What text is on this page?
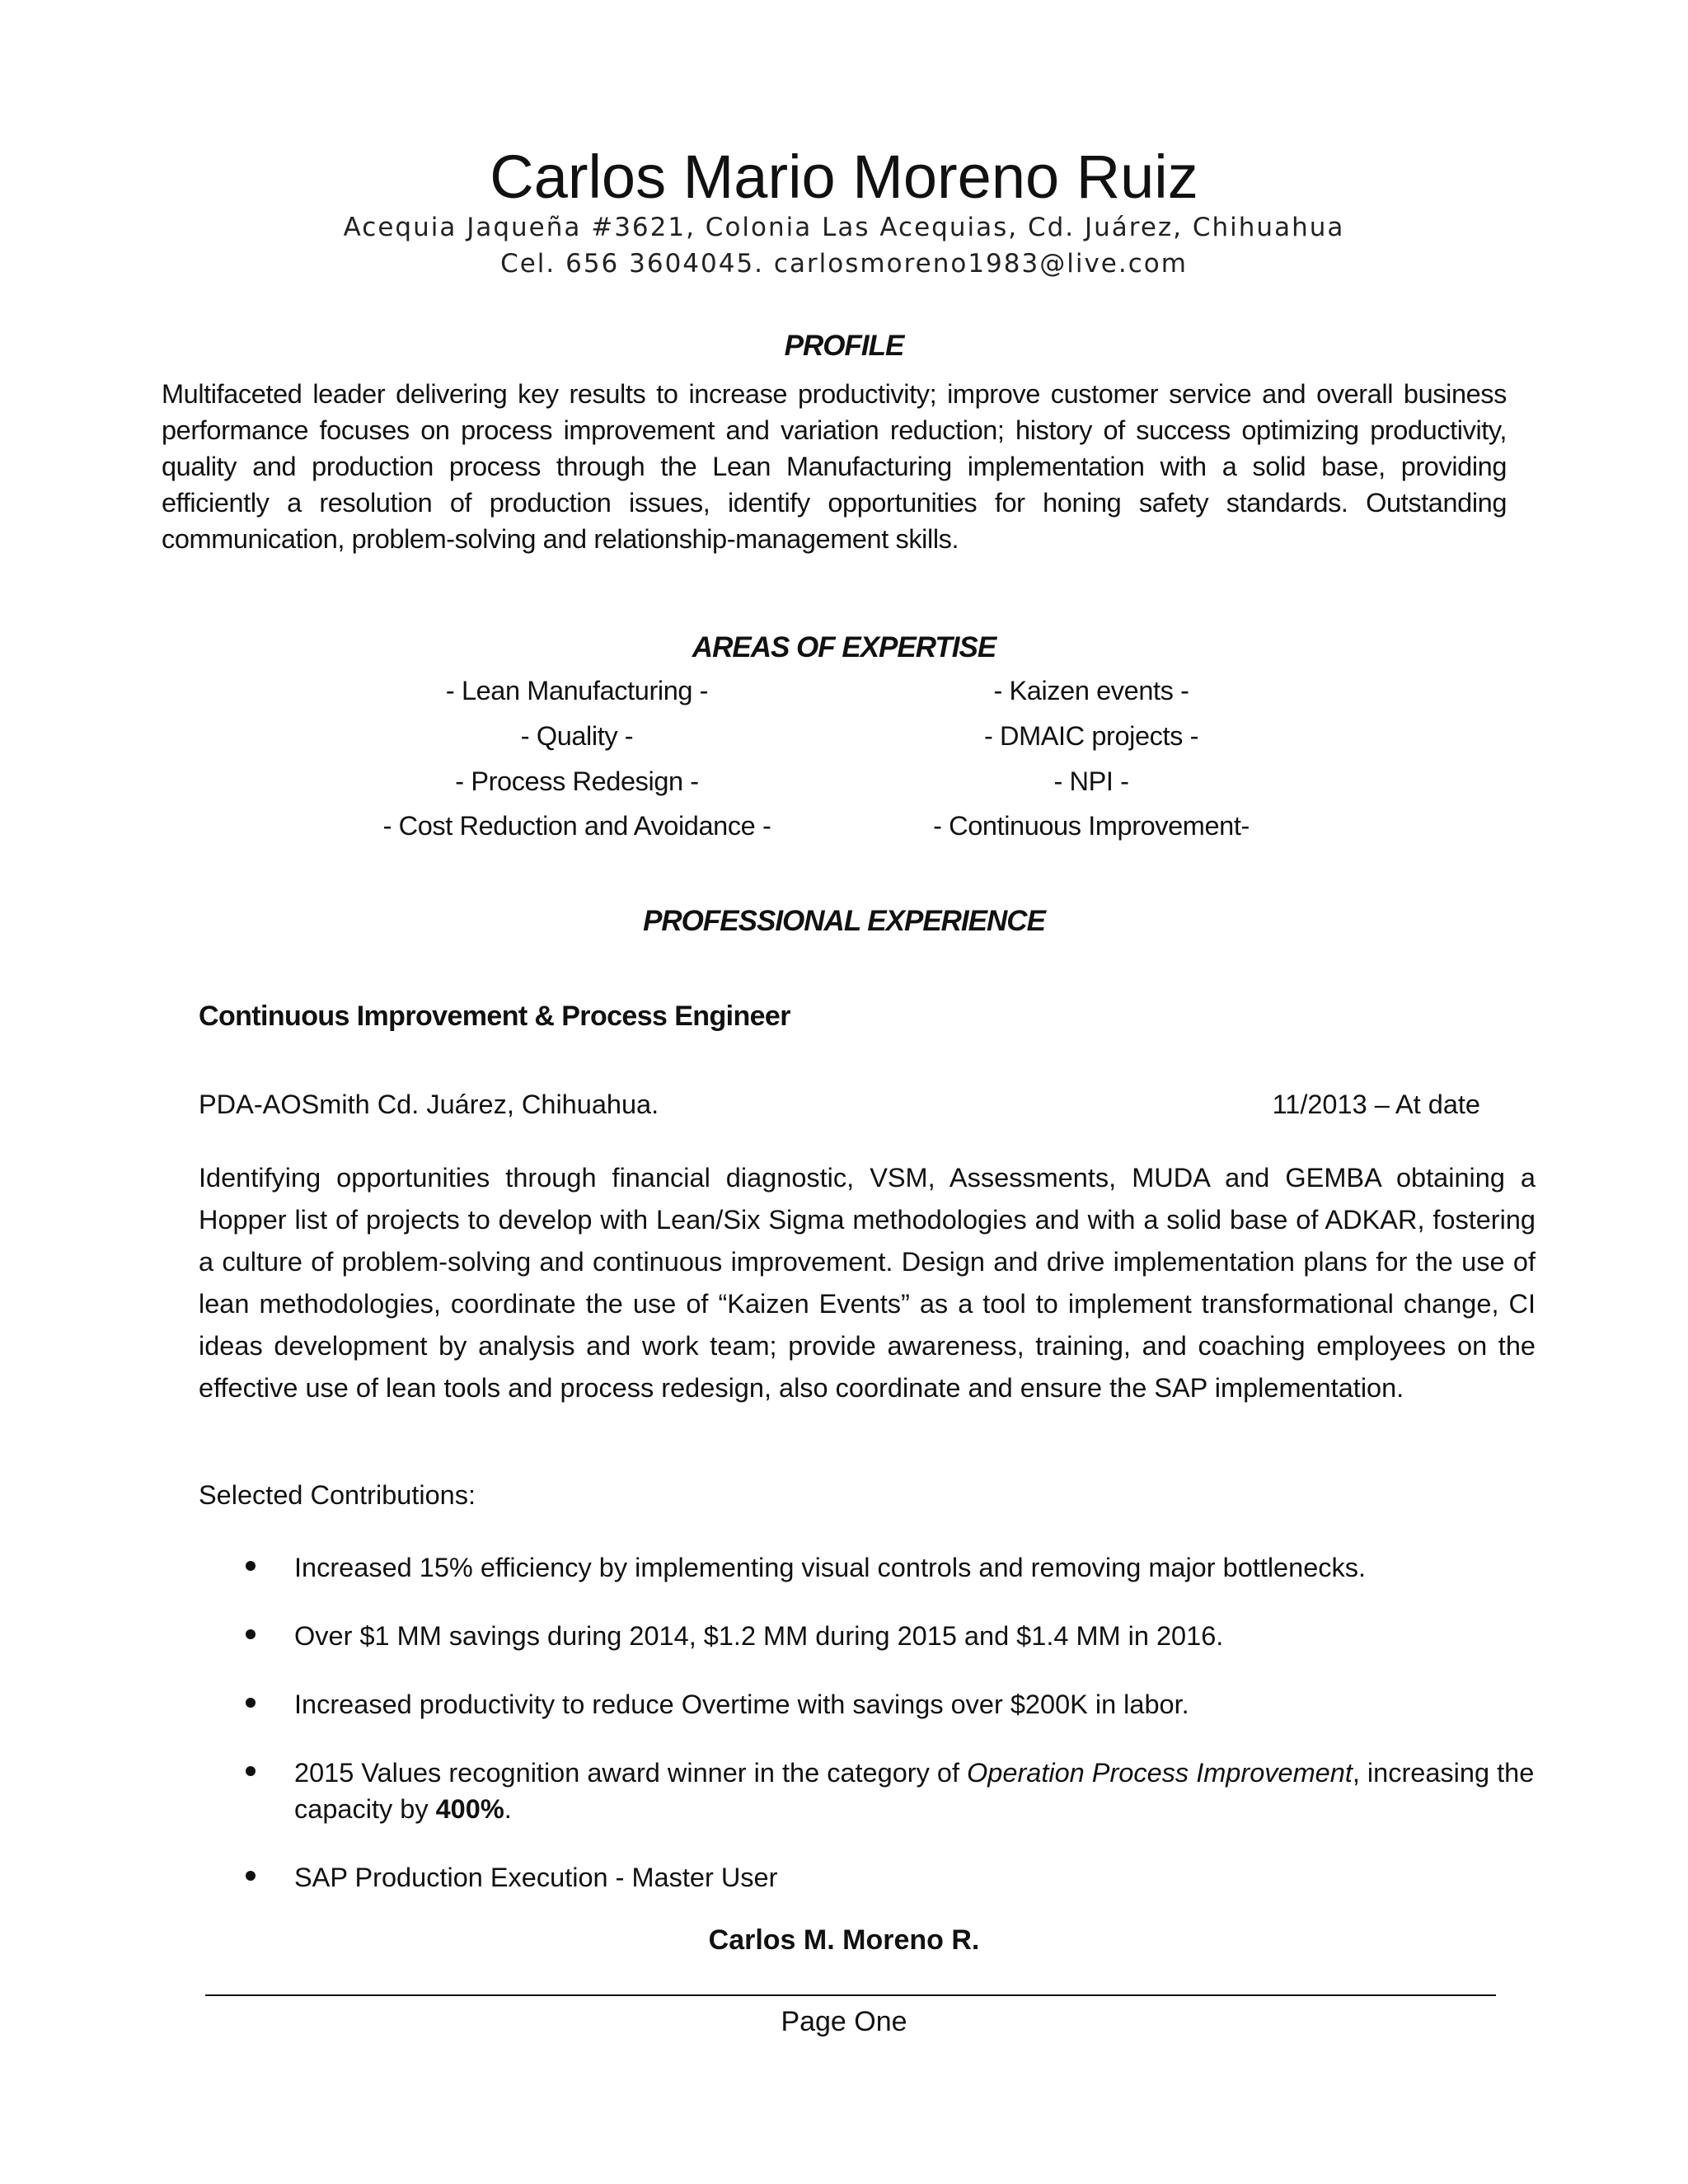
Carlos Mario Moreno Ruiz
Acequia Jaqueña #3621, Colonia Las Acequias, Cd. Juárez, Chihuahua
Cel. 656 3604045. carlosmoreno1983@live.com
PROFILE
Multifaceted leader delivering key results to increase productivity; improve customer service and overall business performance focuses on process improvement and variation reduction; history of success optimizing productivity, quality and production process through the Lean Manufacturing implementation with a solid base, providing efficiently a resolution of production issues, identify opportunities for honing safety standards. Outstanding communication, problem-solving and relationship-management skills.
AREAS OF EXPERTISE
- Lean Manufacturing -	- Kaizen events -
- Quality -	- DMAIC projects -
- Process Redesign -	- NPI -
- Cost Reduction and Avoidance -	- Continuous Improvement-
PROFESSIONAL EXPERIENCE
Continuous Improvement & Process Engineer
PDA-AOSmith Cd. Juárez, Chihuahua.	11/2013 – At date
Identifying opportunities through financial diagnostic, VSM, Assessments, MUDA and GEMBA obtaining a Hopper list of projects to develop with Lean/Six Sigma methodologies and with a solid base of ADKAR, fostering a culture of problem-solving and continuous improvement. Design and drive implementation plans for the use of lean methodologies, coordinate the use of “Kaizen Events” as a tool to implement transformational change, CI ideas development by analysis and work team; provide awareness, training, and coaching employees on the effective use of lean tools and process redesign, also coordinate and ensure the SAP implementation.
Selected Contributions:
Increased 15% efficiency by implementing visual controls and removing major bottlenecks.
Over $1 MM savings during 2014, $1.2 MM during 2015 and $1.4 MM in 2016.
Increased productivity to reduce Overtime with savings over $200K in labor.
2015 Values recognition award winner in the category of Operation Process Improvement, increasing the capacity by 400%.
SAP Production Execution - Master User
Carlos M. Moreno R.
Page One
